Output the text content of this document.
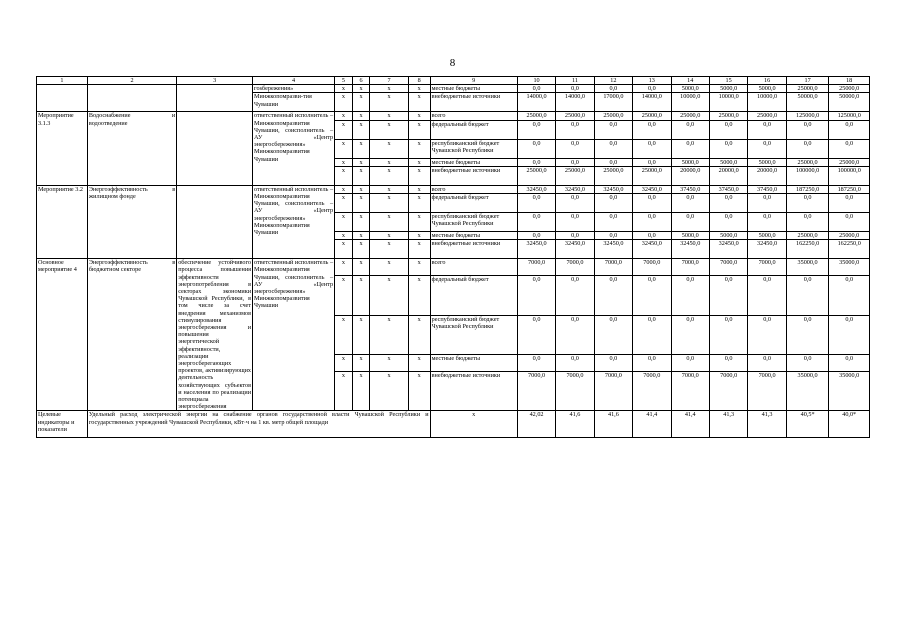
8
1	2	3	4	5	6	7	8	9	10	11	12	13	14	15	16	17	18
			гosбережения»	x	x	x	x	местные бюджеты	0,0	0,0	0,0	0,0	5000,0	5000,0	5000,0	25000,0	25000,0
			Минжкопомразви-тия Чувашии	x	x	x	x	внебюджетные источники	14000,0	14000,0	17000,0	14000,0	10000,0	10000,0	10000,0	50000,0	50000,0
Мероприятие 3.1.3	Водоснабжение и водоотведение		ответственный исполнитель – Минжкопомразвития Чувашии, соисполнитель – АУ «Центр энергосбережения» Минжкопомразвития Чувашии	x	x	x	x	всего	25000,0	25000,0	25000,0	25000,0	25000,0	25000,0	25000,0	125000,0	125000,0
				x	x	x	x	федеральный бюджет	0,0	0,0	0,0	0,0	0,0	0,0	0,0	0,0	0,0
				x	x	x	x	республиканский бюджет Чувашской Республики	0,0	0,0	0,0	0,0	0,0	0,0	0,0	0,0	0,0
				x	x	x	x	местные бюджеты	0,0	0,0	0,0	0,0	5000,0	5000,0	5000,0	25000,0	25000,0
				x	x	x	x	внебюджетные источники	25000,0	25000,0	25000,0	25000,0	20000,0	20000,0	20000,0	100000,0	100000,0
Мероприятие 3.2	Энергоэффективность в жилищном фонде		ответственный исполнитель – Минжкопомразвития Чувашии, соисполнитель – АУ «Центр энергосбережения» Минжкопомразвития Чувашии	x	x	x	x	всего	32450,0	32450,0	32450,0	32450,0	37450,0	37450,0	37450,0	187250,0	187250,0
				x	x	x	x	федеральный бюджет	0,0	0,0	0,0	0,0	0,0	0,0	0,0	0,0	0,0
				x	x	x	x	республиканский бюджет Чувашской Республики	0,0	0,0	0,0	0,0	0,0	0,0	0,0	0,0	0,0
				x	x	x	x	местные бюджеты	0,0	0,0	0,0	0,0	5000,0	5000,0	5000,0	25000,0	25000,0
				x	x	x	x	внебюджетные источники	32450,0	32450,0	32450,0	32450,0	32450,0	32450,0	32450,0	162250,0	162250,0
Основное мероприятие 4	Энергоэффективность в бюджетном секторе	обеспечение устойчивого процесса повышения эффективности энергопотребления в секторах экономики Чувашской Республики, в том числе за счет внедрения механизмов стимулирования энергосбережения и повышения энергетической эффективности, реализации энергосберегающих проектов, активизирующих деятельность хозяйствующих субъектов и населения по реализации потенциала энергосбережения	ответственный исполнитель – Минжкопомразвития Чувашии, соисполнитель – АУ «Центр энергосбережения» Минжкопомразвития Чувашии	x	x	x	x	всего	7000,0	7000,0	7000,0	7000,0	7000,0	7000,0	7000,0	35000,0	35000,0
				x	x	x	x	федеральный бюджет	0,0	0,0	0,0	0,0	0,0	0,0	0,0	0,0	0,0
				x	x	x	x	республиканский бюджет Чувашской Республики	0,0	0,0	0,0	0,0	0,0	0,0	0,0	0,0	0,0
				x	x	x	x	местные бюджеты	0,0	0,0	0,0	0,0	0,0	0,0	0,0	0,0	0,0
				x	x	x	x	внебюджетные источники	7000,0	7000,0	7000,0	7000,0	7000,0	7000,0	7000,0	35000,0	35000,0
Целевые индикаторы и показатели	Удельный расход электрической энергии на снабжение органов государственной власти Чувашской Республики и государственных учреждений Чувашской Республики, кВт·ч на 1 кв. метр общей площади							x	42,02	41,6	41,6	41,4	41,4	41,3	41,3	40,5*	40,0*
